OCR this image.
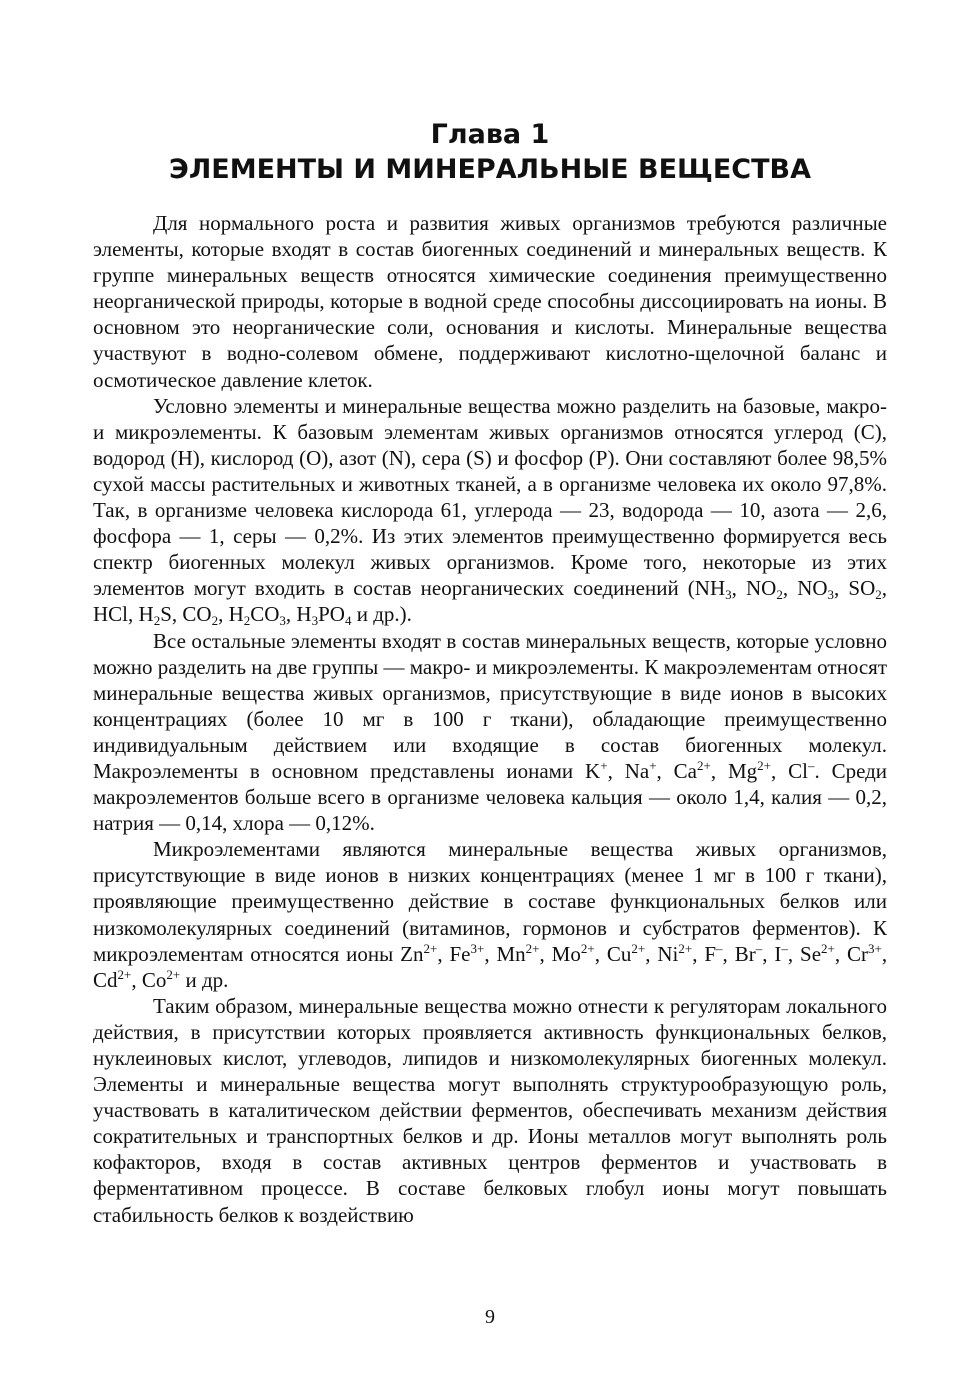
Глава 1
ЭЛЕМЕНТЫ И МИНЕРАЛЬНЫЕ ВЕЩЕСТВА

Для нормального роста и развития живых организмов требуются различные элементы, которые входят в состав биогенных соединений и минеральных веществ. К группе минеральных веществ относятся химические соединения преимущественно неорганической природы, которые в водной среде способны диссоциировать на ионы. В основном это неорганические соли, основания и кислоты. Минеральные вещества участвуют в водно-солевом обмене, поддерживают кислотно-щелочной баланс и осмотическое давление клеток.

Условно элементы и минеральные вещества можно разделить на базовые, макро- и микроэлементы. К базовым элементам живых организмов относятся углерод (C), водород (H), кислород (O), азот (N), сера (S) и фосфор (P). Они составляют более 98,5% сухой массы растительных и животных тканей, а в организме человека их около 97,8%. Так, в организме человека кислорода 61, углерода — 23, водорода — 10, азота — 2,6, фосфора — 1, серы — 0,2%. Из этих элементов преимущественно формируется весь спектр биогенных молекул живых организмов. Кроме того, некоторые из этих элементов могут входить в состав неорганических соединений ($NH_3$, $NO_2$, $NO_3$, $SO_2$, HCl, $H_2S$, $CO_2$, $H_2CO_3$, $H_3PO_4$ и др.).

Все остальные элементы входят в состав минеральных веществ, которые условно можно разделить на две группы — макро- и микроэлементы. К макроэлементам относят минеральные вещества живых организмов, присутствующие в виде ионов в высоких концентрациях (более 10 мг в 100 г ткани), обладающие преимущественно индивидуальным действием или входящие в состав биогенных молекул. Макроэлементы в основном представлены ионами K+, Na+, $Ca^{2+}$, $Mg^{2+}$, Cl–. Среди макроэлементов больше всего в организме человека кальция — около 1,4, калия — 0,2, натрия — 0,14, хлора — 0,12%.

Микроэлементами являются минеральные вещества живых организмов, присутствующие в виде ионов в низких концентрациях (менее 1 мг в 100 г ткани), проявляющие преимущественно действие в составе функциональных белков или низкомолекулярных соединений (витаминов, гормонов и субстратов ферментов). К микроэлементам относятся ионы $Zn^{2+}$, $Fe^{3+}$, $Mn^{2+}$, $Mo^{2+}$, $Cu^{2+}$, $Ni^{2+}$, F–, Br–, I–, $Se^{2+}$, $Cr^{3+}$, $Cd^{2+}$, $Co^{2+}$ и др.

Таким образом, минеральные вещества можно отнести к регуляторам локального действия, в присутствии которых проявляется активность функциональных белков, нуклеиновых кислот, углеводов, липидов и низкомолекулярных биогенных молекул. Элементы и минеральные вещества могут выполнять структурообразующую роль, участвовать в каталитическом действии ферментов, обеспечивать механизм действия сократительных и транспортных белков и др. Ионы металлов могут выполнять роль кофакторов, входя в состав активных центров ферментов и участвовать в ферментативном процессе. В составе белковых глобул ионы могут повышать стабильность белков к воздействию

9
